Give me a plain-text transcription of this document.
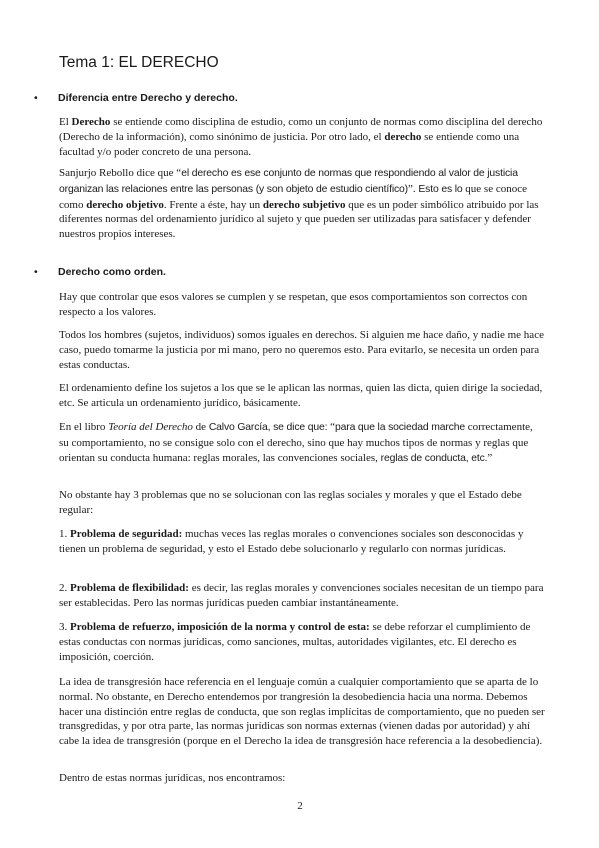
Tema 1: EL DERECHO
• Diferencia entre Derecho y derecho.

El Derecho se entiende como disciplina de estudio, como un conjunto de normas como disciplina del derecho (Derecho de la información), como sinónimo de justicia. Por otro lado, el derecho se entiende como una facultad y/o poder concreto de una persona.

Sanjurjo Rebollo dice que “el derecho es ese conjunto de normas que respondiendo al valor de justicia organizan las relaciones entre las personas (y son objeto de estudio científico)”. Esto es lo que se conoce como derecho objetivo. Frente a éste, hay un derecho subjetivo que es un poder simbólico atribuido por las diferentes normas del ordenamiento jurídico al sujeto y que pueden ser utilizadas para satisfacer y defender nuestros propios intereses.

• Derecho como orden.

Hay que controlar que esos valores se cumplen y se respetan, que esos comportamientos son correctos con respecto a los valores.

Todos los hombres (sujetos, individuos) somos iguales en derechos. Si alguien me hace daño, y nadie me hace caso, puedo tomarme la justicia por mi mano, pero no queremos esto. Para evitarlo, se necesita un orden para estas conductas.

El ordenamiento define los sujetos a los que se le aplican las normas, quien las dicta, quien dirige la sociedad, etc. Se articula un ordenamiento jurídico, básicamente.

En el libro Teoría del Derecho de Calvo García, se dice que: “para que la sociedad marche correctamente, su comportamiento, no se consigue solo con el derecho, sino que hay muchos tipos de normas y reglas que orientan su conducta humana: reglas morales, las convenciones sociales, reglas de conducta, etc.”

No obstante hay 3 problemas que no se solucionan con las reglas sociales y morales y que el Estado debe regular:

1. Problema de seguridad: muchas veces las reglas morales o convenciones sociales son desconocidas y tienen un problema de seguridad, y esto el Estado debe solucionarlo y regularlo con normas jurídicas.

2. Problema de flexibilidad: es decir, las reglas morales y convenciones sociales necesitan de un tiempo para ser establecidas. Pero las normas jurídicas pueden cambiar instantáneamente.

3. Problema de refuerzo, imposición de la norma y control de esta: se debe reforzar el cumplimiento de estas conductas con normas jurídicas, como sanciones, multas, autoridades vigilantes, etc. El derecho es imposición, coerción.

La idea de transgresión hace referencia en el lenguaje común a cualquier comportamiento que se aparta de lo normal. No obstante, en Derecho entendemos por trangresión la desobediencia hacia una norma. Debemos hacer una distinción entre reglas de conducta, que son reglas implícitas de comportamiento, que no pueden ser transgredidas, y por otra parte, las normas jurídicas son normas externas (vienen dadas por autoridad) y ahí cabe la idea de transgresión (porque en el Derecho la idea de transgresión hace referencia a la desobediencia).

Dentro de estas normas jurídicas, nos encontramos:

2
